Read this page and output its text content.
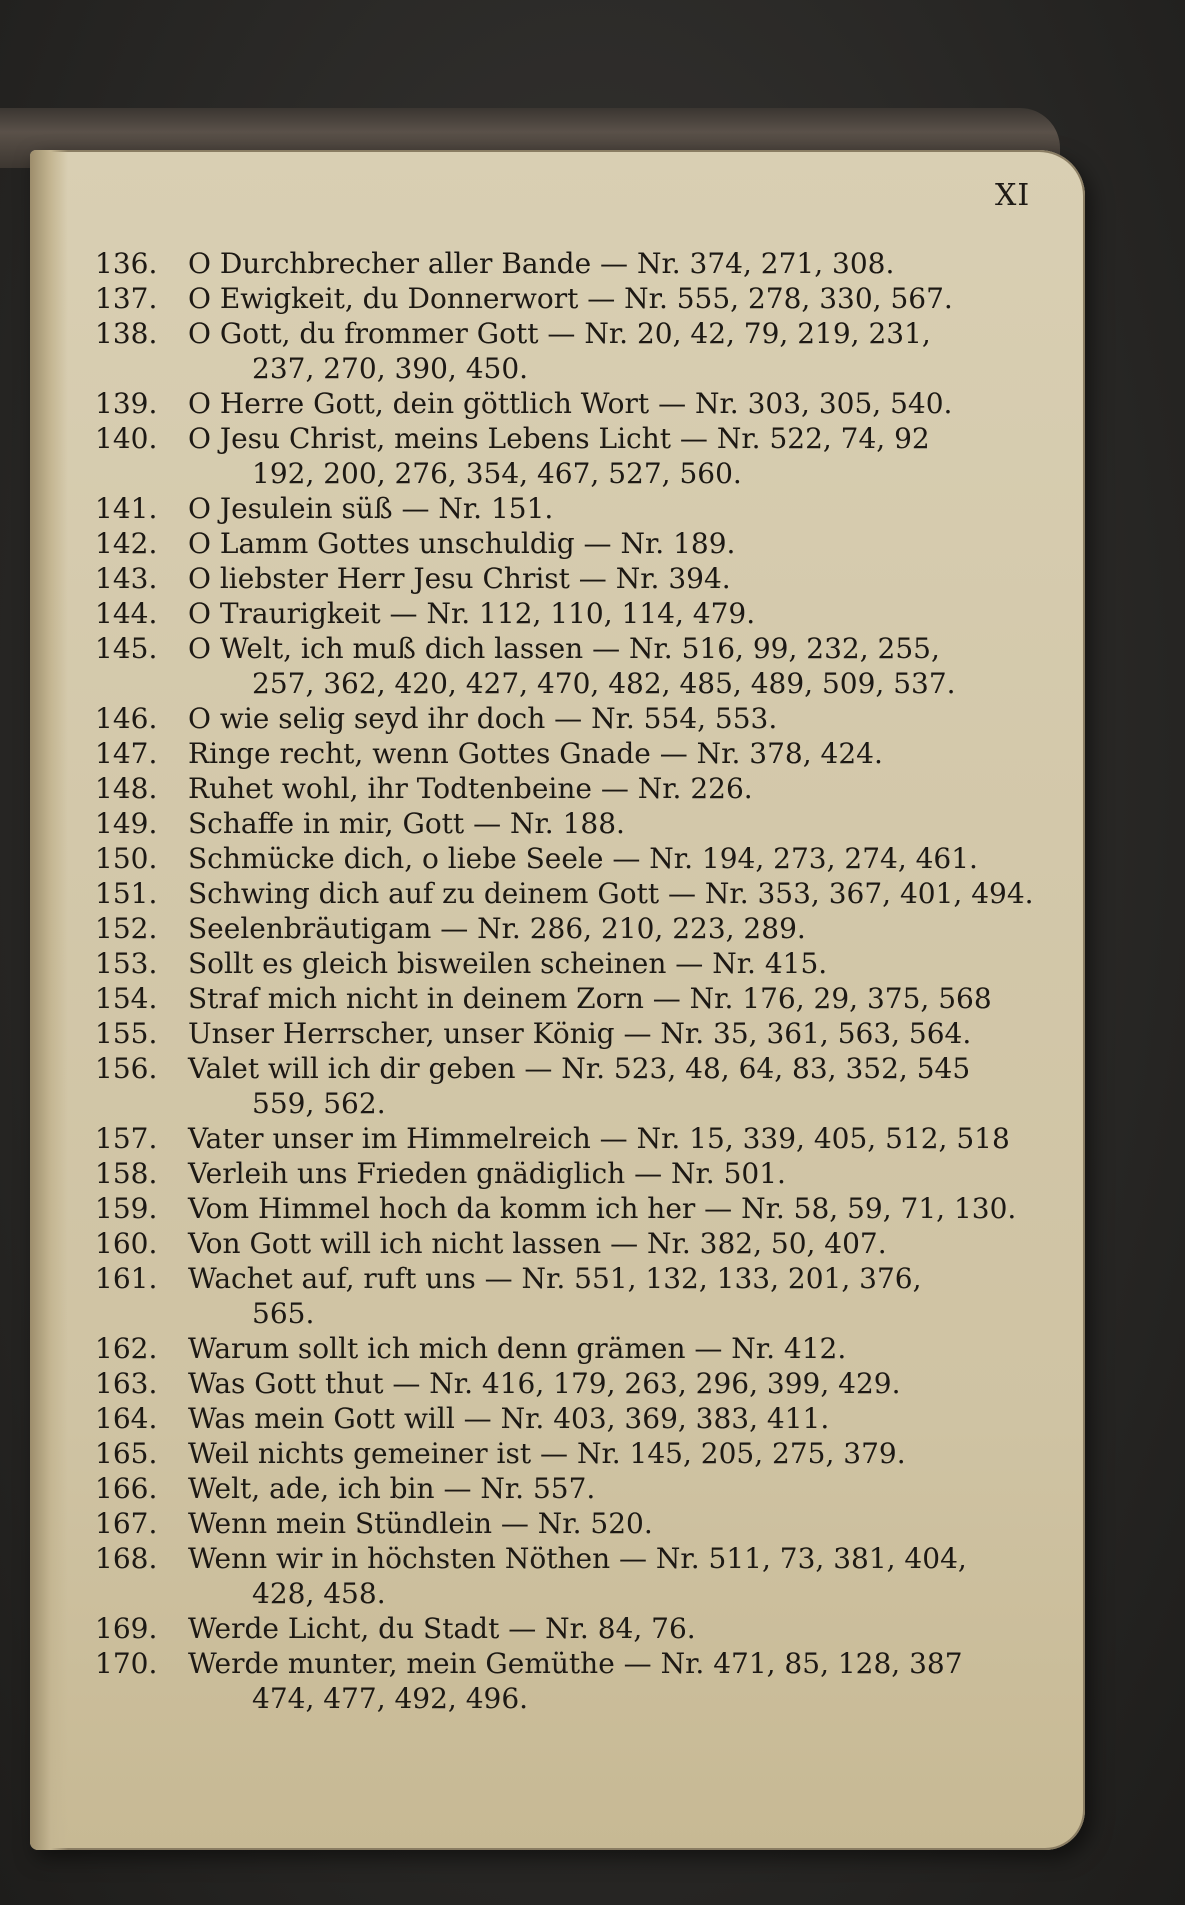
XI
136.	O Durchbrecher aller Bande — Nr. 374, 271, 308.
137.	O Ewigkeit, du Donnerwort — Nr. 555, 278, 330, 567.
138.	O Gott, du frommer Gott — Nr. 20, 42, 79, 219, 231,
237, 270, 390, 450.
139.	O Herre Gott, dein göttlich Wort — Nr. 303, 305, 540.
140.	O Jesu Christ, meins Lebens Licht — Nr. 522, 74, 92
192, 200, 276, 354, 467, 527, 560.
141.	O Jesulein süß — Nr. 151.
142.	O Lamm Gottes unschuldig — Nr. 189.
143.	O liebster Herr Jesu Christ — Nr. 394.
144.	O Traurigkeit — Nr. 112, 110, 114, 479.
145.	O Welt, ich muß dich lassen — Nr. 516, 99, 232, 255,
257, 362, 420, 427, 470, 482, 485, 489, 509, 537.
146.	O wie selig seyd ihr doch — Nr. 554, 553.
147.	Ringe recht, wenn Gottes Gnade — Nr. 378, 424.
148.	Ruhet wohl, ihr Todtenbeine — Nr. 226.
149.	Schaffe in mir, Gott — Nr. 188.
150.	Schmücke dich, o liebe Seele — Nr. 194, 273, 274, 461.
151.	Schwing dich auf zu deinem Gott — Nr. 353, 367, 401, 494.
152.	Seelenbräutigam — Nr. 286, 210, 223, 289.
153.	Sollt es gleich bisweilen scheinen — Nr. 415.
154.	Straf mich nicht in deinem Zorn — Nr. 176, 29, 375, 568
155.	Unser Herrscher, unser König — Nr. 35, 361, 563, 564.
156.	Valet will ich dir geben — Nr. 523, 48, 64, 83, 352, 545
559, 562.
157.	Vater unser im Himmelreich — Nr. 15, 339, 405, 512, 518
158.	Verleih uns Frieden gnädiglich — Nr. 501.
159.	Vom Himmel hoch da komm ich her — Nr. 58, 59, 71, 130.
160.	Von Gott will ich nicht lassen — Nr. 382, 50, 407.
161.	Wachet auf, ruft uns — Nr. 551, 132, 133, 201, 376,
565.
162.	Warum sollt ich mich denn grämen — Nr. 412.
163.	Was Gott thut — Nr. 416, 179, 263, 296, 399, 429.
164.	Was mein Gott will — Nr. 403, 369, 383, 411.
165.	Weil nichts gemeiner ist — Nr. 145, 205, 275, 379.
166.	Welt, ade, ich bin — Nr. 557.
167.	Wenn mein Stündlein — Nr. 520.
168.	Wenn wir in höchsten Nöthen — Nr. 511, 73, 381, 404,
428, 458.
169.	Werde Licht, du Stadt — Nr. 84, 76.
170.	Werde munter, mein Gemüthe — Nr. 471, 85, 128, 387
474, 477, 492, 496.
